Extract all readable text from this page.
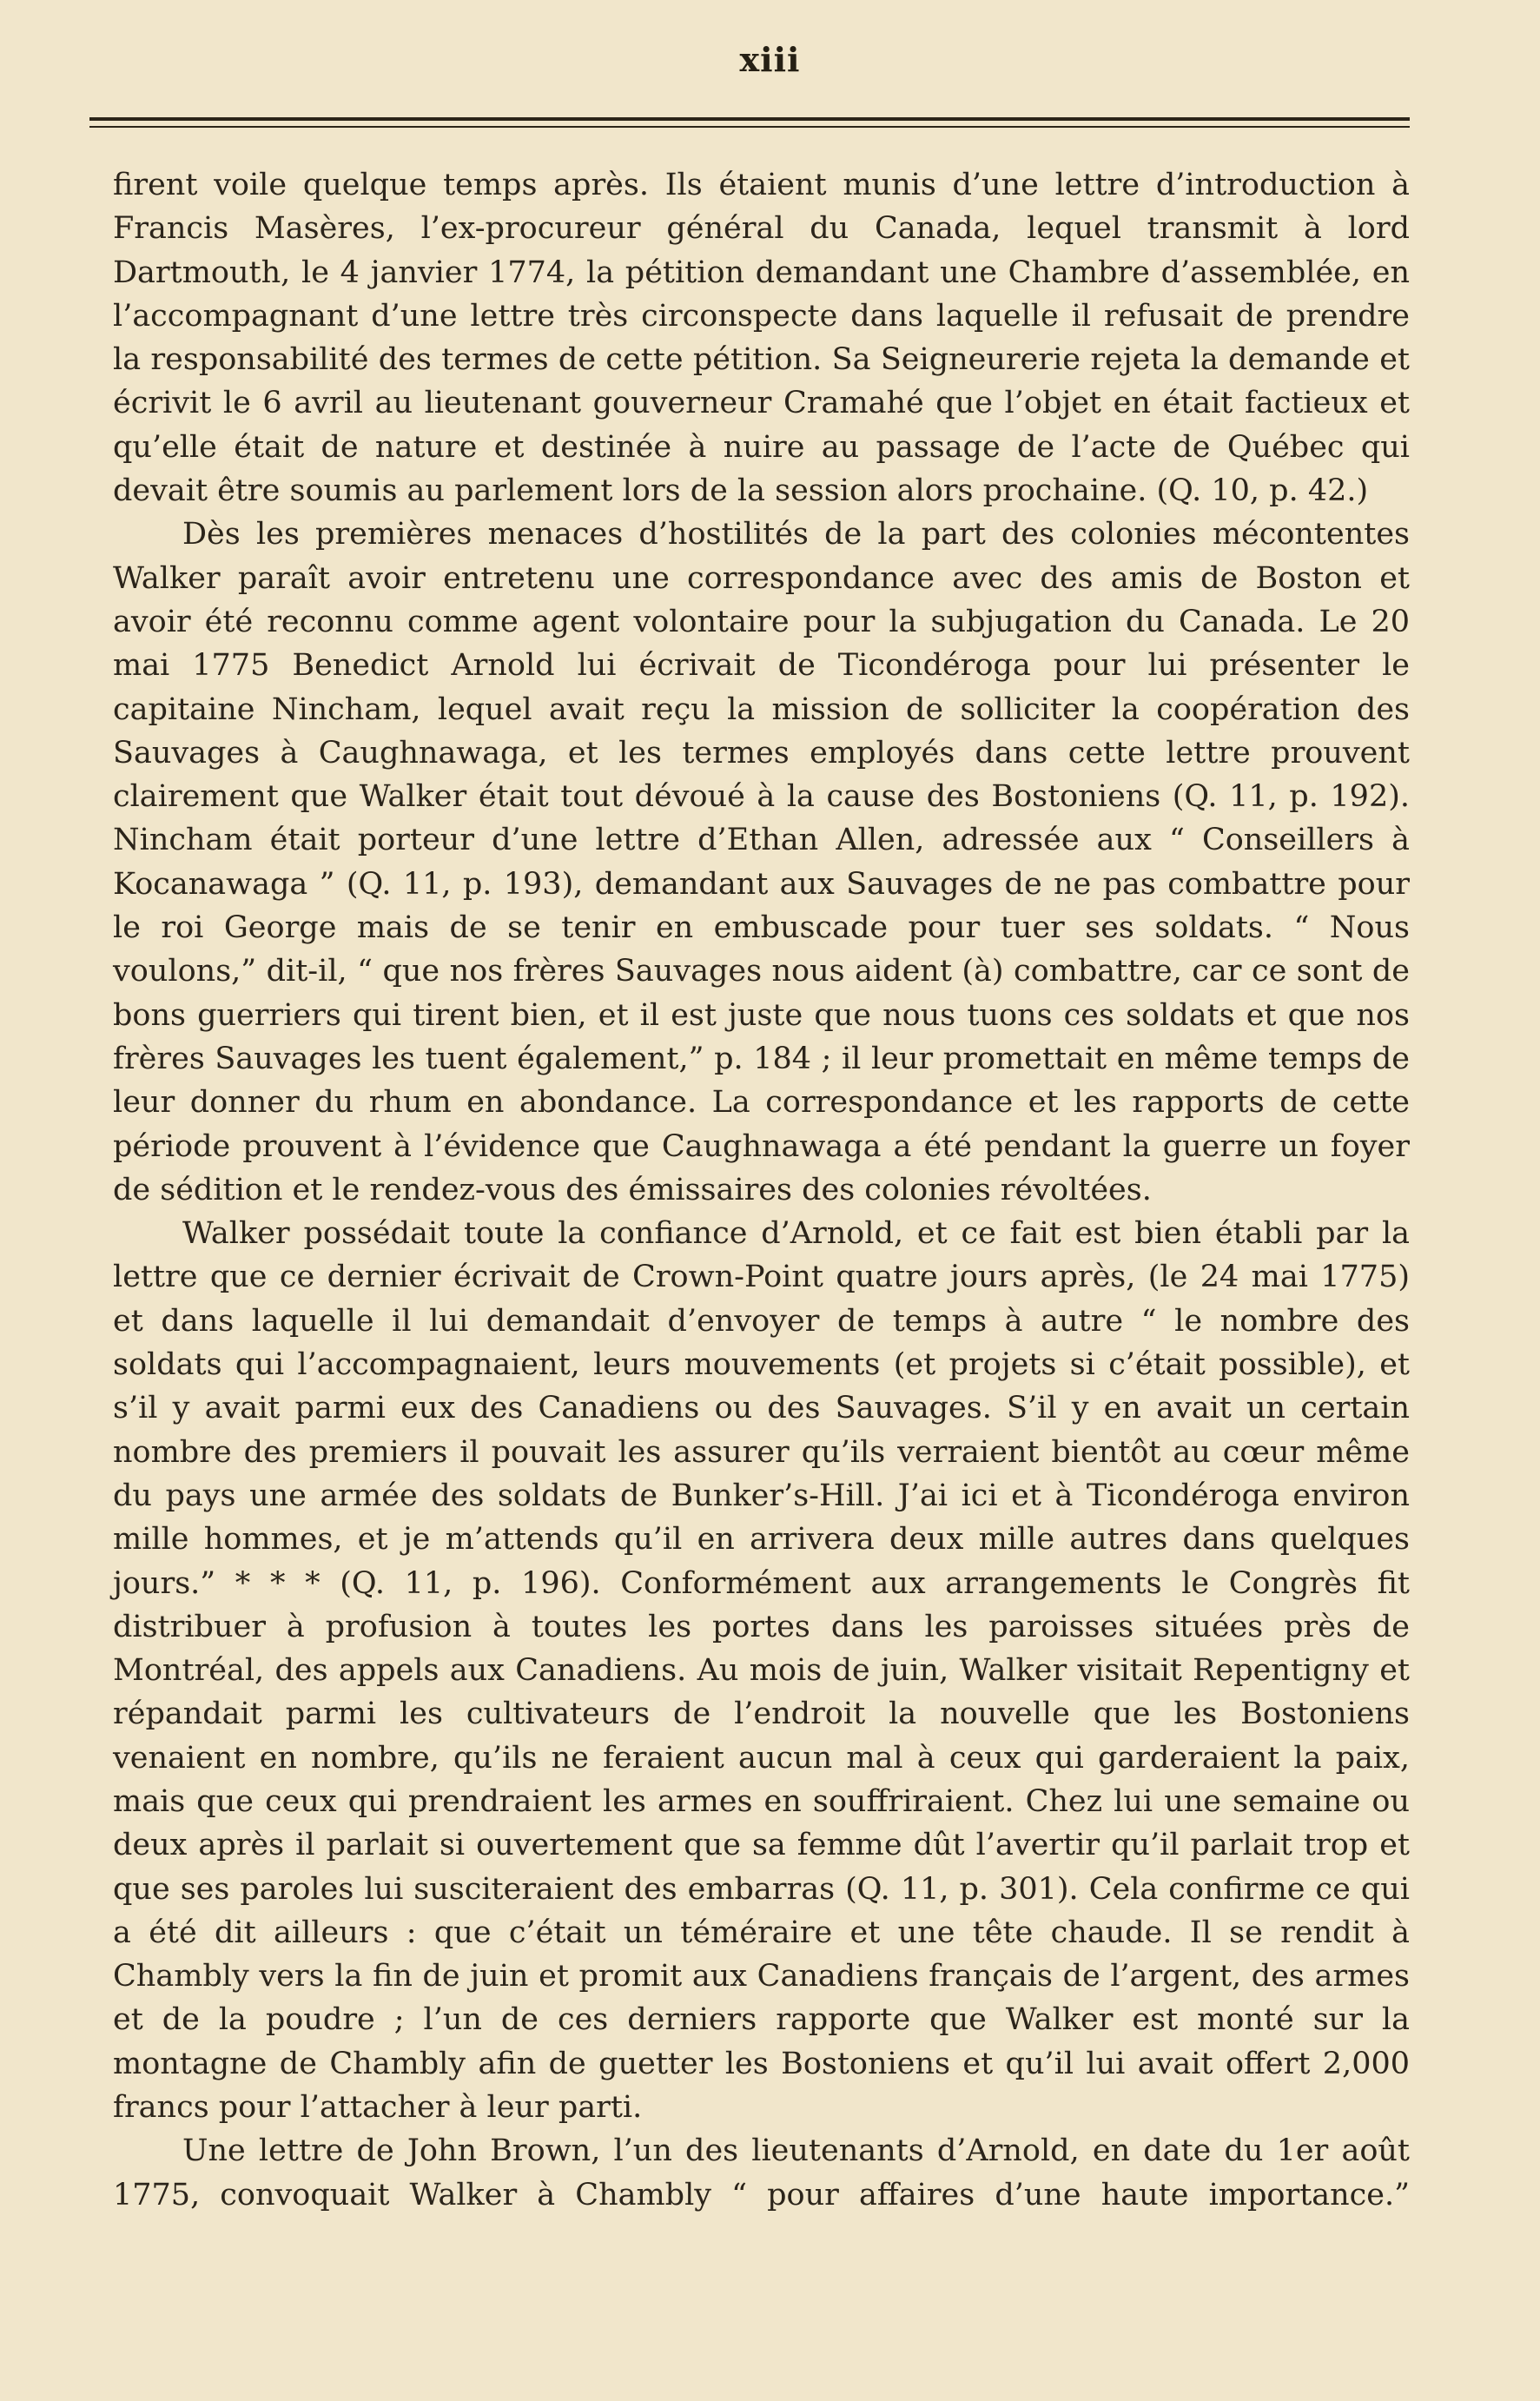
xiii

firent voile quelque temps après. Ils étaient munis d’une lettre d’introduction à Francis Masères, l’ex-procureur général du Canada, lequel transmit à lord Dartmouth, le 4 janvier 1774, la pétition demandant une Chambre d’assemblée, en l’accompagnant d’une lettre très circonspecte dans laquelle il refusait de prendre la responsabilité des termes de cette pétition. Sa Seigneurerie rejeta la demande et écrivit le 6 avril au lieutenant gouverneur Cramahé que l’objet en était factieux et qu’elle était de nature et destinée à nuire au passage de l’acte de Québec qui devait être soumis au parlement lors de la session alors prochaine. (Q. 10, p. 42.)

Dès les premières menaces d’hostilités de la part des colonies mécontentes Walker paraît avoir entretenu une correspondance avec des amis de Boston et avoir été reconnu comme agent volontaire pour la subjugation du Canada. Le 20 mai 1775 Benedict Arnold lui écrivait de Ticondéroga pour lui présenter le capitaine Nincham, lequel avait reçu la mission de solliciter la coopération des Sauvages à Caughnawaga, et les termes employés dans cette lettre prouvent clairement que Walker était tout dévoué à la cause des Bostoniens (Q. 11, p. 192). Nincham était porteur d’une lettre d’Ethan Allen, adressée aux “ Conseillers à Kocanawaga ” (Q. 11, p. 193), demandant aux Sauvages de ne pas combattre pour le roi George mais de se tenir en embuscade pour tuer ses soldats. “ Nous voulons,” dit-il, “ que nos frères Sauvages nous aident (à) combattre, car ce sont de bons guerriers qui tirent bien, et il est juste que nous tuons ces soldats et que nos frères Sauvages les tuent également,” p. 184 ; il leur promettait en même temps de leur donner du rhum en abondance. La correspondance et les rapports de cette période prouvent à l’évidence que Caughnawaga a été pendant la guerre un foyer de sédition et le rendez-vous des émissaires des colonies révoltées.

Walker possédait toute la confiance d’Arnold, et ce fait est bien établi par la lettre que ce dernier écrivait de Crown-Point quatre jours après, (le 24 mai 1775) et dans laquelle il lui demandait d’envoyer de temps à autre “ le nombre des soldats qui l’accompagnaient, leurs mouvements (et projets si c’était possible), et s’il y avait parmi eux des Canadiens ou des Sauvages. S’il y en avait un certain nombre des premiers il pouvait les assurer qu’ils verraient bientôt au cœur même du pays une armée des soldats de Bunker’s-Hill. J’ai ici et à Ticondéroga environ mille hommes, et je m’attends qu’il en arrivera deux mille autres dans quelques jours.” * * * (Q. 11, p. 196). Conformément aux arrangements le Congrès fit distribuer à profusion à toutes les portes dans les paroisses situées près de Montréal, des appels aux Canadiens. Au mois de juin, Walker visitait Repentigny et répandait parmi les cultivateurs de l’endroit la nouvelle que les Bostoniens venaient en nombre, qu’ils ne feraient aucun mal à ceux qui garderaient la paix, mais que ceux qui prendraient les armes en souffriraient. Chez lui une semaine ou deux après il parlait si ouvertement que sa femme dût l’avertir qu’il parlait trop et que ses paroles lui susciteraient des embarras (Q. 11, p. 301). Cela confirme ce qui a été dit ailleurs : que c’était un téméraire et une tête chaude. Il se rendit à Chambly vers la fin de juin et promit aux Canadiens français de l’argent, des armes et de la poudre ; l’un de ces derniers rapporte que Walker est monté sur la montagne de Chambly afin de guetter les Bostoniens et qu’il lui avait offert 2,000 francs pour l’attacher à leur parti.

Une lettre de John Brown, l’un des lieutenants d’Arnold, en date du 1er août 1775, convoquait Walker à Chambly “ pour affaires d’une haute importance.”
